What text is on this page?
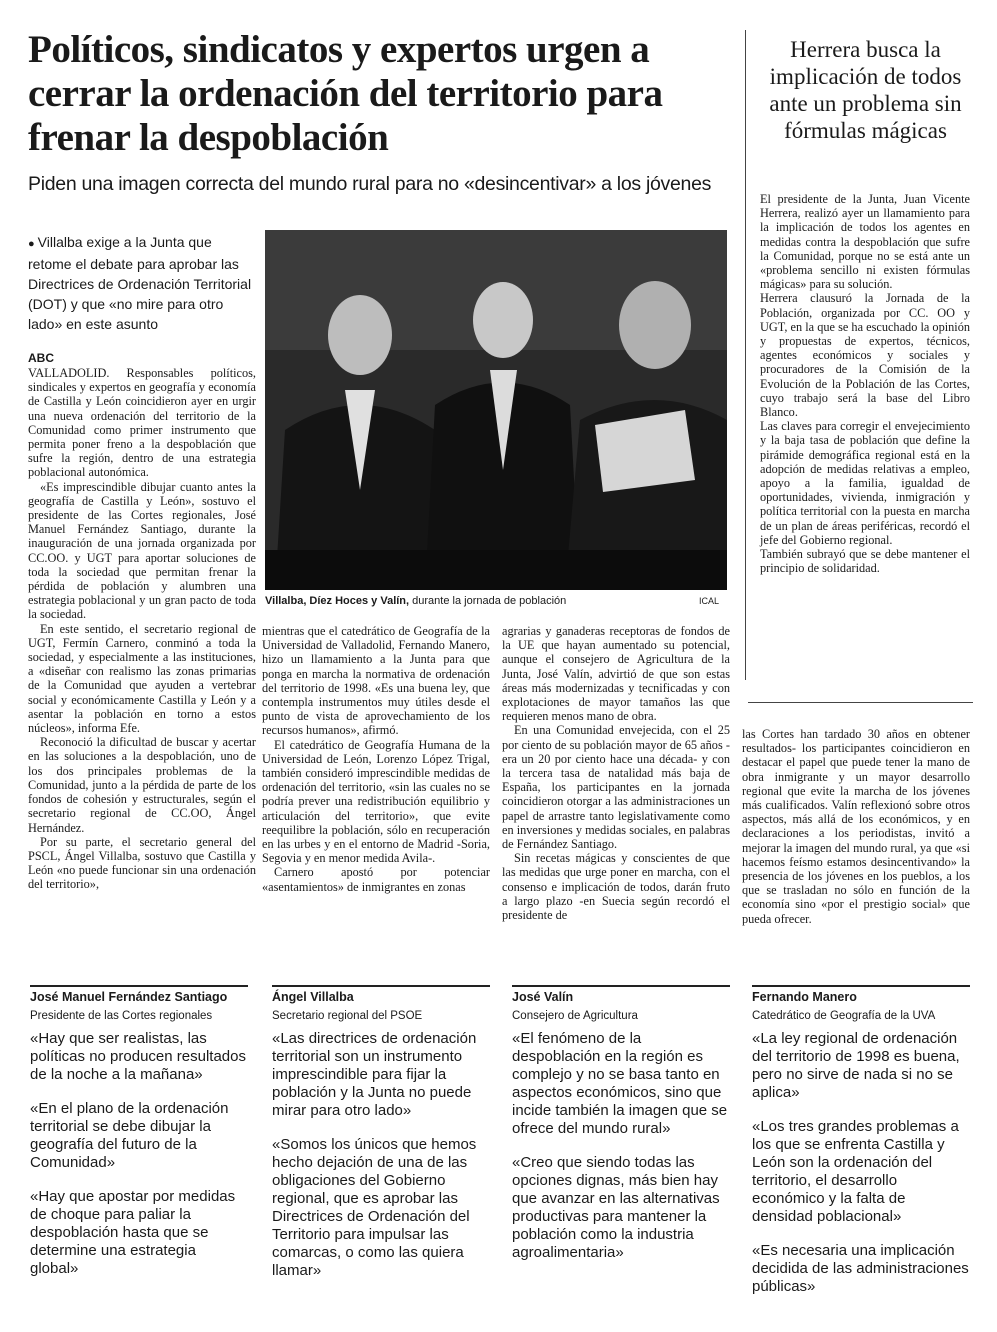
Políticos, sindicatos y expertos urgen a cerrar la ordenación del territorio para frenar la despoblación
Piden una imagen correcta del mundo rural para no «desincentivar» a los jóvenes
Herrera busca la implicación de todos ante un problema sin fórmulas mágicas

El presidente de la Junta, Juan Vicente Herrera, realizó ayer un llamamiento para la implicación de todos los agentes en medidas contra la despoblación que sufre la Comunidad, porque no se está ante un «problema sencillo ni existen fórmulas mágicas» para su solución.

Herrera clausuró la Jornada de la Población, organizada por CC. OO y UGT, en la que se ha escuchado la opinión y propuestas de expertos, técnicos, agentes económicos y sociales y procuradores de la Comisión de la Evolución de la Población de las Cortes, cuyo trabajo será la base del Libro Blanco.

Las claves para corregir el envejecimiento y la baja tasa de población que define la pirámide demográfica regional está en la adopción de medidas relativas a empleo, apoyo a la familia, igualdad de oportunidades, vivienda, inmigración y política territorial con la puesta en marcha de un plan de áreas periféricas, recordó el jefe del Gobierno regional.

También subrayó que se debe mantener el principio de solidaridad.

● Villalba exige a la Junta que retome el debate para aprobar las Directrices de Ordenación Territorial (DOT) y que «no mire para otro lado» en este asunto
Villalba, Díez Hoces y Valín, durante la jornada de población	ICAL
ABC

VALLADOLID. Responsables políticos, sindicales y expertos en geografía y economía de Castilla y León coincidieron ayer en urgir una nueva ordenación del territorio de la Comunidad como primer instrumento que permita poner freno a la despoblación que sufre la región, dentro de una estrategia poblacional autonómica.

«Es imprescindible dibujar cuanto antes la geografía de Castilla y León», sostuvo el presidente de las Cortes regionales, José Manuel Fernández Santiago, durante la inauguración de una jornada organizada por CC.OO. y UGT para aportar soluciones de toda la sociedad que permitan frenar la pérdida de población y alumbren una estrategia poblacional y un gran pacto de toda la sociedad.

En este sentido, el secretario regional de UGT, Fermín Carnero, conminó a toda la sociedad, y especialmente a las instituciones, a «diseñar con realismo las zonas primarias de la Comunidad que ayuden a vertebrar social y económicamente Castilla y León y a asentar la población en torno a estos núcleos», informa Efe.

Reconoció la dificultad de buscar y acertar en las soluciones a la despoblación, uno de los dos principales problemas de la Comunidad, junto a la pérdida de parte de los fondos de cohesión y estructurales, según el secretario regional de CC.OO, Ángel Hernández.

Por su parte, el secretario general del PSCL, Ángel Villalba, sostuvo que Castilla y León «no puede funcionar sin una ordenación del territorio»,

mientras que el catedrático de Geografía de la Universidad de Valladolid, Fernando Manero, hizo un llamamiento a la Junta para que ponga en marcha la normativa de ordenación del territorio de 1998. «Es una buena ley, que contempla instrumentos muy útiles desde el punto de vista de aprovechamiento de los recursos humanos», afirmó.

El catedrático de Geografía Humana de la Universidad de León, Lorenzo López Trigal, también consideró imprescindible medidas de ordenación del territorio, «sin las cuales no se podría prever una redistribución equilibrio y articulación del territorio», que evite reequilibre la población, sólo en recuperación en las urbes y en el entorno de Madrid -Soria, Segovia y en menor medida Avila-.

Carnero apostó por potenciar «asentamientos» de inmigrantes en zonas

agrarias y ganaderas receptoras de fondos de la UE que hayan aumentado su potencial, aunque el consejero de Agricultura de la Junta, José Valín, advirtió de que son estas áreas más modernizadas y tecnificadas y con explotaciones de mayor tamaños las que requieren menos mano de obra.

En una Comunidad envejecida, con el 25 por ciento de su población mayor de 65 años -era un 20 por ciento hace una década- y con la tercera tasa de natalidad más baja de España, los participantes en la jornada coincidieron otorgar a las administraciones un papel de arrastre tanto legislativamente como en inversiones y medidas sociales, en palabras de Fernández Santiago.

Sin recetas mágicas y conscientes de que las medidas que urge poner en marcha, con el consenso e implicación de todos, darán fruto a largo plazo -en Suecia según recordó el presidente de

las Cortes han tardado 30 años en obtener resultados- los participantes coincidieron en destacar el papel que puede tener la mano de obra inmigrante y un mayor desarrollo regional que evite la marcha de los jóvenes más cualificados. Valín reflexionó sobre otros aspectos, más allá de los económicos, y en declaraciones a los periodistas, invitó a mejorar la imagen del mundo rural, ya que «si hacemos feísmo estamos desincentivando» la presencia de los jóvenes en los pueblos, a los que se trasladan no sólo en función de la economía sino «por el prestigio social» que pueda ofrecer.

José Manuel Fernández Santiago
Presidente de las Cortes regionales

«Hay que ser realistas, las políticas no producen resultados de la noche a la mañana»

«En el plano de la ordenación territorial se debe dibujar la geografía del futuro de la Comunidad»

«Hay que apostar por medidas de choque para paliar la despoblación hasta que se determine una estrategia global»

Ángel Villalba
Secretario regional del PSOE

«Las directrices de ordenación territorial son un instrumento imprescindible para fijar la población y la Junta no puede mirar para otro lado»

«Somos los únicos que hemos hecho dejación de una de las obligaciones del Gobierno regional, que es aprobar las Directrices de Ordenación del Territorio para impulsar las comarcas, o como las quiera llamar»

José Valín
Consejero de Agricultura

«El fenómeno de la despoblación en la región es complejo y no se basa tanto en aspectos económicos, sino que incide también la imagen que se ofrece del mundo rural»

«Creo que siendo todas las opciones dignas, más bien hay que avanzar en las alternativas productivas para mantener la población como la industria agroalimentaria»

Fernando Manero
Catedrático de Geografía de la UVA

«La ley regional de ordenación del territorio de 1998 es buena, pero no sirve de nada si no se aplica»

«Los tres grandes problemas a los que se enfrenta Castilla y León son la ordenación del territorio, el desarrollo económico y la falta de densidad poblacional»

«Es necesaria una implicación decidida de las administraciones públicas»
